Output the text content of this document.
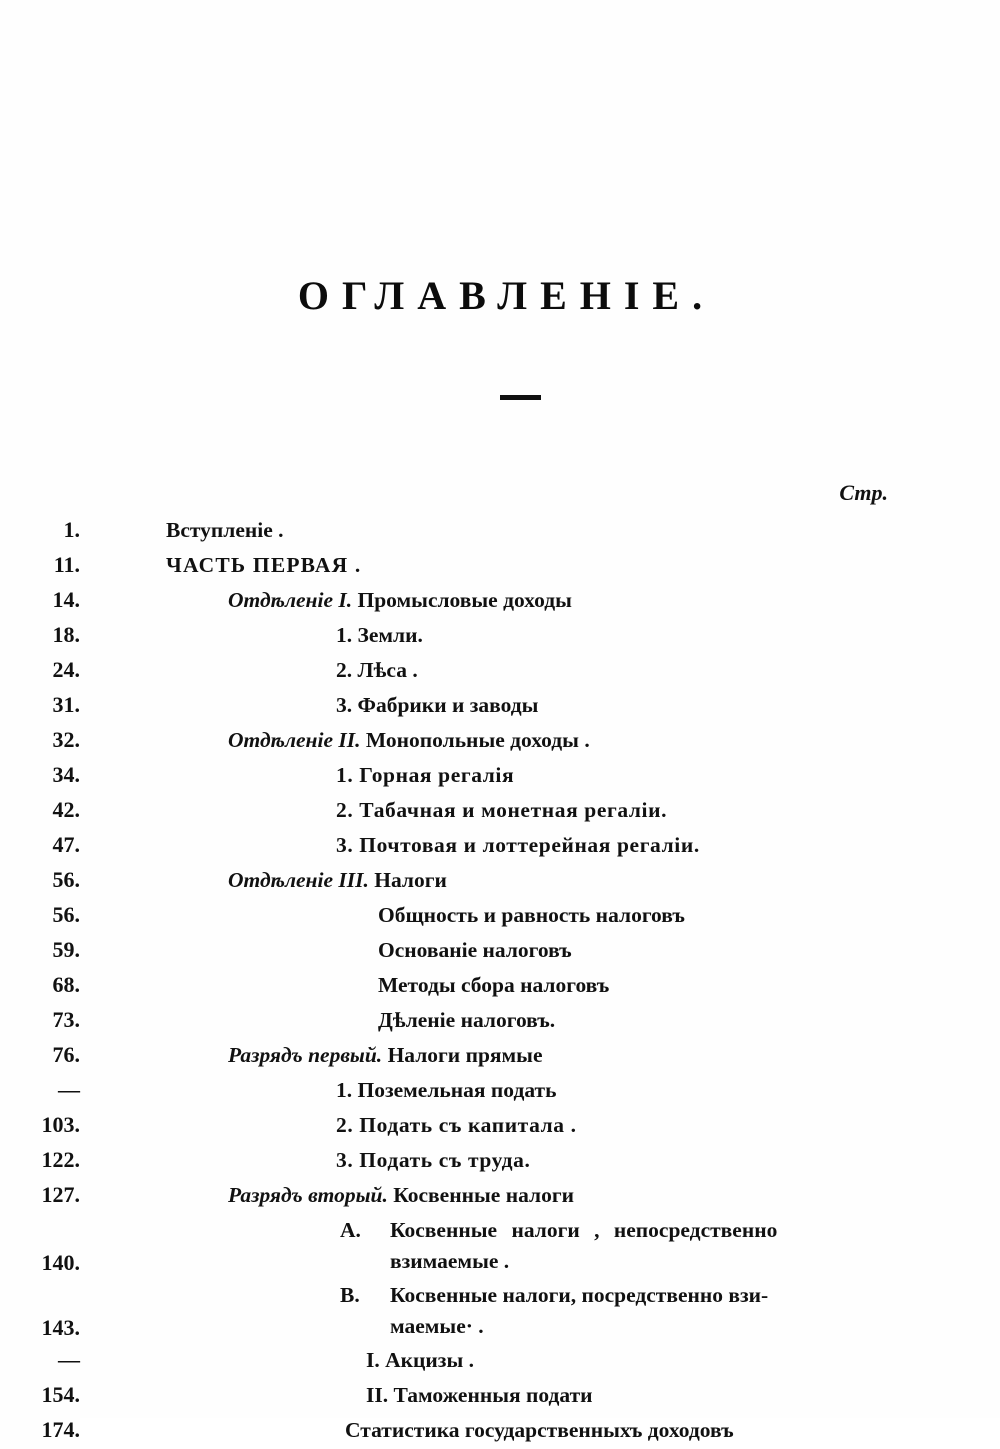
ОГЛАВЛЕНІЕ.
Стр.
Вступленіе .
1.
ЧАСТЬ ПЕРВАЯ .
11.
Отдѣленіе I. Промысловые доходы
14.
1. Земли.
18.
2. Лѣса .
24.
3. Фабрики и заводы
31.
Отдѣленіе II. Монопольные доходы .
32.
1. Горная регалія
34.
2. Табачная и монетная регаліи.
42.
3. Почтовая и лоттерейная регаліи.
47.
Отдѣленіе III. Налоги
56.
Общность и равность налоговъ
56.
Основаніе налоговъ
59.
Методы сбора налоговъ
68.
Дѣленіе налоговъ.
73.
Разрядъ первый. Налоги прямые
76.
1. Поземельная подать
—
2. Подать съ капитала .
103.
3. Подать съ труда.
122.
Разрядъ вторый. Косвенные налоги
127.
A. Косвенные налоги , непосредственно
взимаемые .
140.
B. Косвенные налоги, посредственно взи-
маемые· .
143.
I. Акцизы .
—
II. Таможенныя подати
154.
Статистика государственныхъ доходовъ
174.
